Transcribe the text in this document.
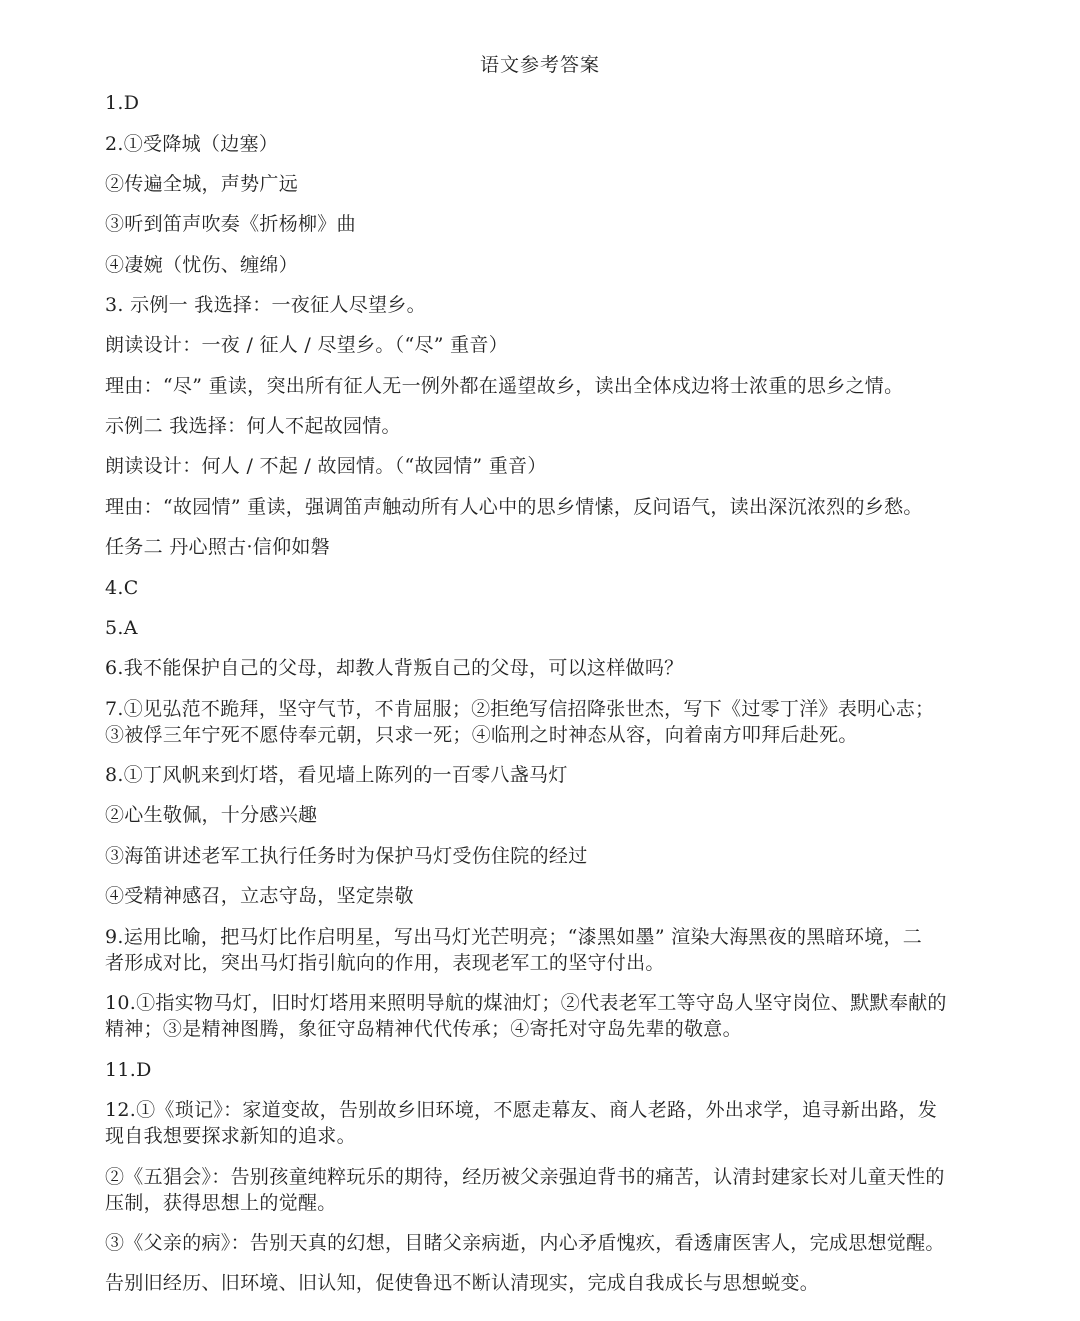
语文参考答案
1.D
2.①受降城（边塞）
②传遍全城，声势广远
③听到笛声吹奏《折杨柳》曲
④凄婉（忧伤、缠绵）
3. 示例一 我选择：一夜征人尽望乡。
朗读设计：一夜 / 征人 / 尽望乡。（“尽” 重音）
理由：“尽” 重读，突出所有征人无一例外都在遥望故乡，读出全体戍边将士浓重的思乡之情。
示例二 我选择：何人不起故园情。
朗读设计：何人 / 不起 / 故园情。（“故园情” 重音）
理由：“故园情” 重读，强调笛声触动所有人心中的思乡情愫，反问语气，读出深沉浓烈的乡愁。
任务二 丹心照古·信仰如磐
4.C
5.A
6.我不能保护自己的父母，却教人背叛自己的父母，可以这样做吗？
7.①见弘范不跪拜，坚守气节，不肯屈服；②拒绝写信招降张世杰，写下《过零丁洋》表明心志；
③被俘三年宁死不愿侍奉元朝，只求一死；④临刑之时神态从容，向着南方叩拜后赴死。
8.①丁风帆来到灯塔，看见墙上陈列的一百零八盏马灯
②心生敬佩，十分感兴趣
③海笛讲述老军工执行任务时为保护马灯受伤住院的经过
④受精神感召，立志守岛，坚定崇敬
9.运用比喻，把马灯比作启明星，写出马灯光芒明亮；“漆黑如墨” 渲染大海黑夜的黑暗环境，二
者形成对比，突出马灯指引航向的作用，表现老军工的坚守付出。
10.①指实物马灯，旧时灯塔用来照明导航的煤油灯；②代表老军工等守岛人坚守岗位、默默奉献的
精神；③是精神图腾，象征守岛精神代代传承；④寄托对守岛先辈的敬意。
11.D
12.①《琐记》：家道变故，告别故乡旧环境，不愿走幕友、商人老路，外出求学，追寻新出路，发
现自我想要探求新知的追求。
②《五猖会》：告别孩童纯粹玩乐的期待，经历被父亲强迫背书的痛苦，认清封建家长对儿童天性的
压制，获得思想上的觉醒。
③《父亲的病》：告别天真的幻想，目睹父亲病逝，内心矛盾愧疚，看透庸医害人，完成思想觉醒。
告别旧经历、旧环境、旧认知，促使鲁迅不断认清现实，完成自我成长与思想蜕变。
